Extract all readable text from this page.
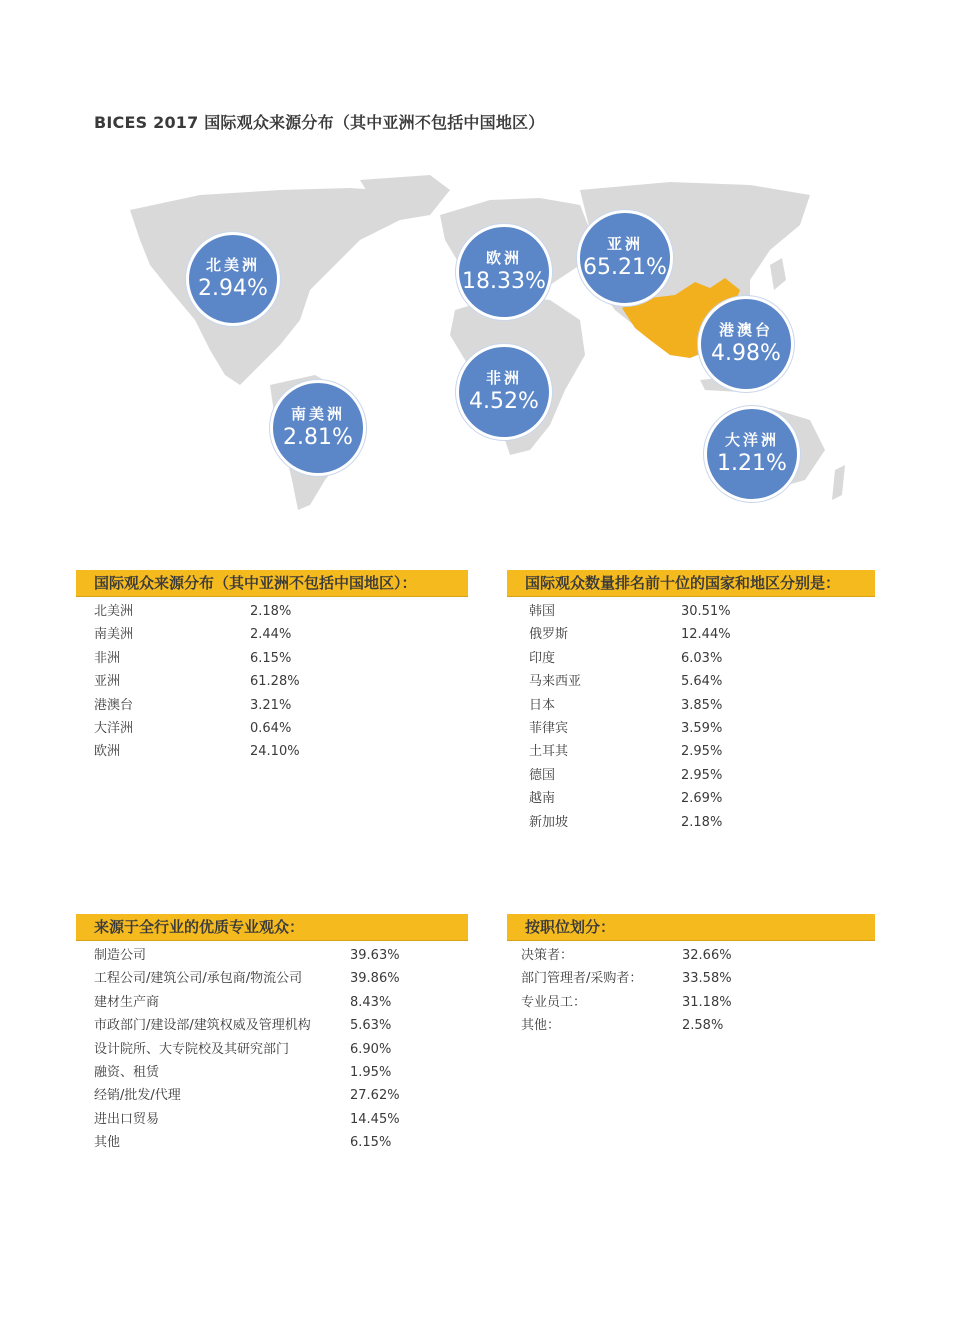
BICES 2017 国际观众来源分布（其中亚洲不包括中国地区）
北美洲
2.94%
欧洲
18.33%
亚洲
65.21%
港澳台
4.98%
非洲
4.52%
南美洲
2.81%	大洋洲
1.21%
国际观众来源分布（其中亚洲不包括中国地区）：
北美洲	2.18%
南美洲	2.44%
非洲	6.15%
亚洲	61.28%
港澳台	3.21%
大洋洲	0.64%
欧洲	24.10%
国际观众数量排名前十位的国家和地区分别是：
韩国	30.51%
俄罗斯	12.44%
印度	6.03%
马来西亚	5.64%
日本	3.85%
菲律宾	3.59%
土耳其	2.95%
德国	2.95%
越南	2.69%
新加坡	2.18%
来源于全行业的优质专业观众：
制造公司	39.63%
工程公司/建筑公司/承包商/物流公司	39.86%
建材生产商	8.43%
市政部门/建设部/建筑权威及管理机构	5.63%
设计院所、大专院校及其研究部门	6.90%
融资、租赁	1.95%
经销/批发/代理	27.62%
进出口贸易	14.45%
其他	6.15%
按职位划分：
决策者：	32.66%
部门管理者/采购者：	33.58%
专业员工：	31.18%
其他：	2.58%
